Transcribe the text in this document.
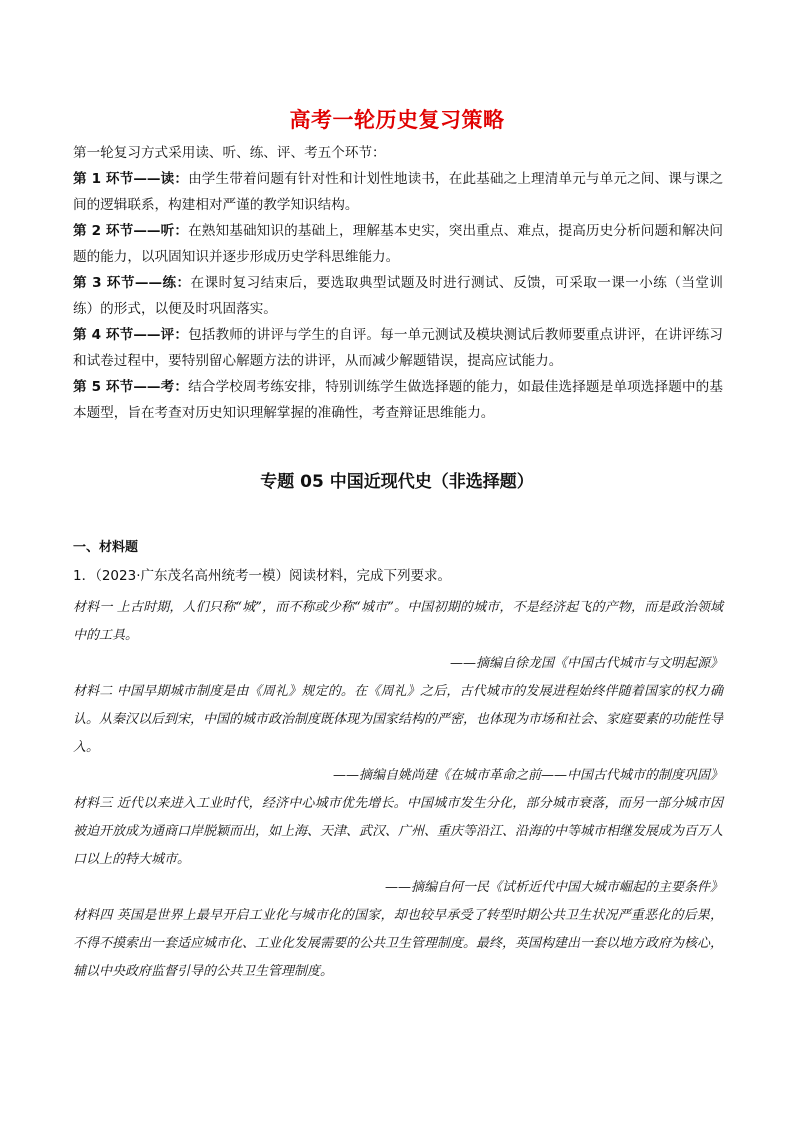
高考一轮历史复习策略

第一轮复习方式采用读、听、练、评、考五个环节：

第 1 环节——读：由学生带着问题有针对性和计划性地读书，在此基础之上理清单元与单元之间、课与课之间的逻辑联系，构建相对严谨的教学知识结构。

第 2 环节——听：在熟知基础知识的基础上，理解基本史实，突出重点、难点，提高历史分析问题和解决问题的能力，以巩固知识并逐步形成历史学科思维能力。

第 3 环节——练：在课时复习结束后，要选取典型试题及时进行测试、反馈，可采取一课一小练（当堂训练）的形式，以便及时巩固落实。

第 4 环节——评：包括教师的讲评与学生的自评。每一单元测试及模块测试后教师要重点讲评，在讲评练习和试卷过程中，要特别留心解题方法的讲评，从而减少解题错误，提高应试能力。

第 5 环节——考：结合学校周考练安排，特别训练学生做选择题的能力，如最佳选择题是单项选择题中的基本题型，旨在考查对历史知识理解掌握的准确性，考查辩证思维能力。

专题 05 中国近现代史（非选择题）
一、材料题
1．（2023·广东茂名高州统考一模）阅读材料，完成下列要求。

材料一 上古时期，人们只称“城”，而不称或少称“城市”。中国初期的城市，不是经济起飞的产物，而是政治领域中的工具。

——摘编自徐龙国《中国古代城市与文明起源》

材料二 中国早期城市制度是由《周礼》规定的。在《周礼》之后，古代城市的发展进程始终伴随着国家的权力确认。从秦汉以后到宋，中国的城市政治制度既体现为国家结构的严密，也体现为市场和社会、家庭要素的功能性导入。

——摘编自姚尚建《在城市革命之前——中国古代城市的制度巩固》

材料三 近代以来进入工业时代，经济中心城市优先增长。中国城市发生分化，部分城市衰落，而另一部分城市因被迫开放成为通商口岸脱颖而出，如上海、天津、武汉、广州、重庆等沿江、沿海的中等城市相继发展成为百万人口以上的特大城市。

——摘编自何一民《试析近代中国大城市崛起的主要条件》

材料四 英国是世界上最早开启工业化与城市化的国家，却也较早承受了转型时期公共卫生状况严重恶化的后果，不得不摸索出一套适应城市化、工业化发展需要的公共卫生管理制度。最终，英国构建出一套以地方政府为核心，辅以中央政府监督引导的公共卫生管理制度。
